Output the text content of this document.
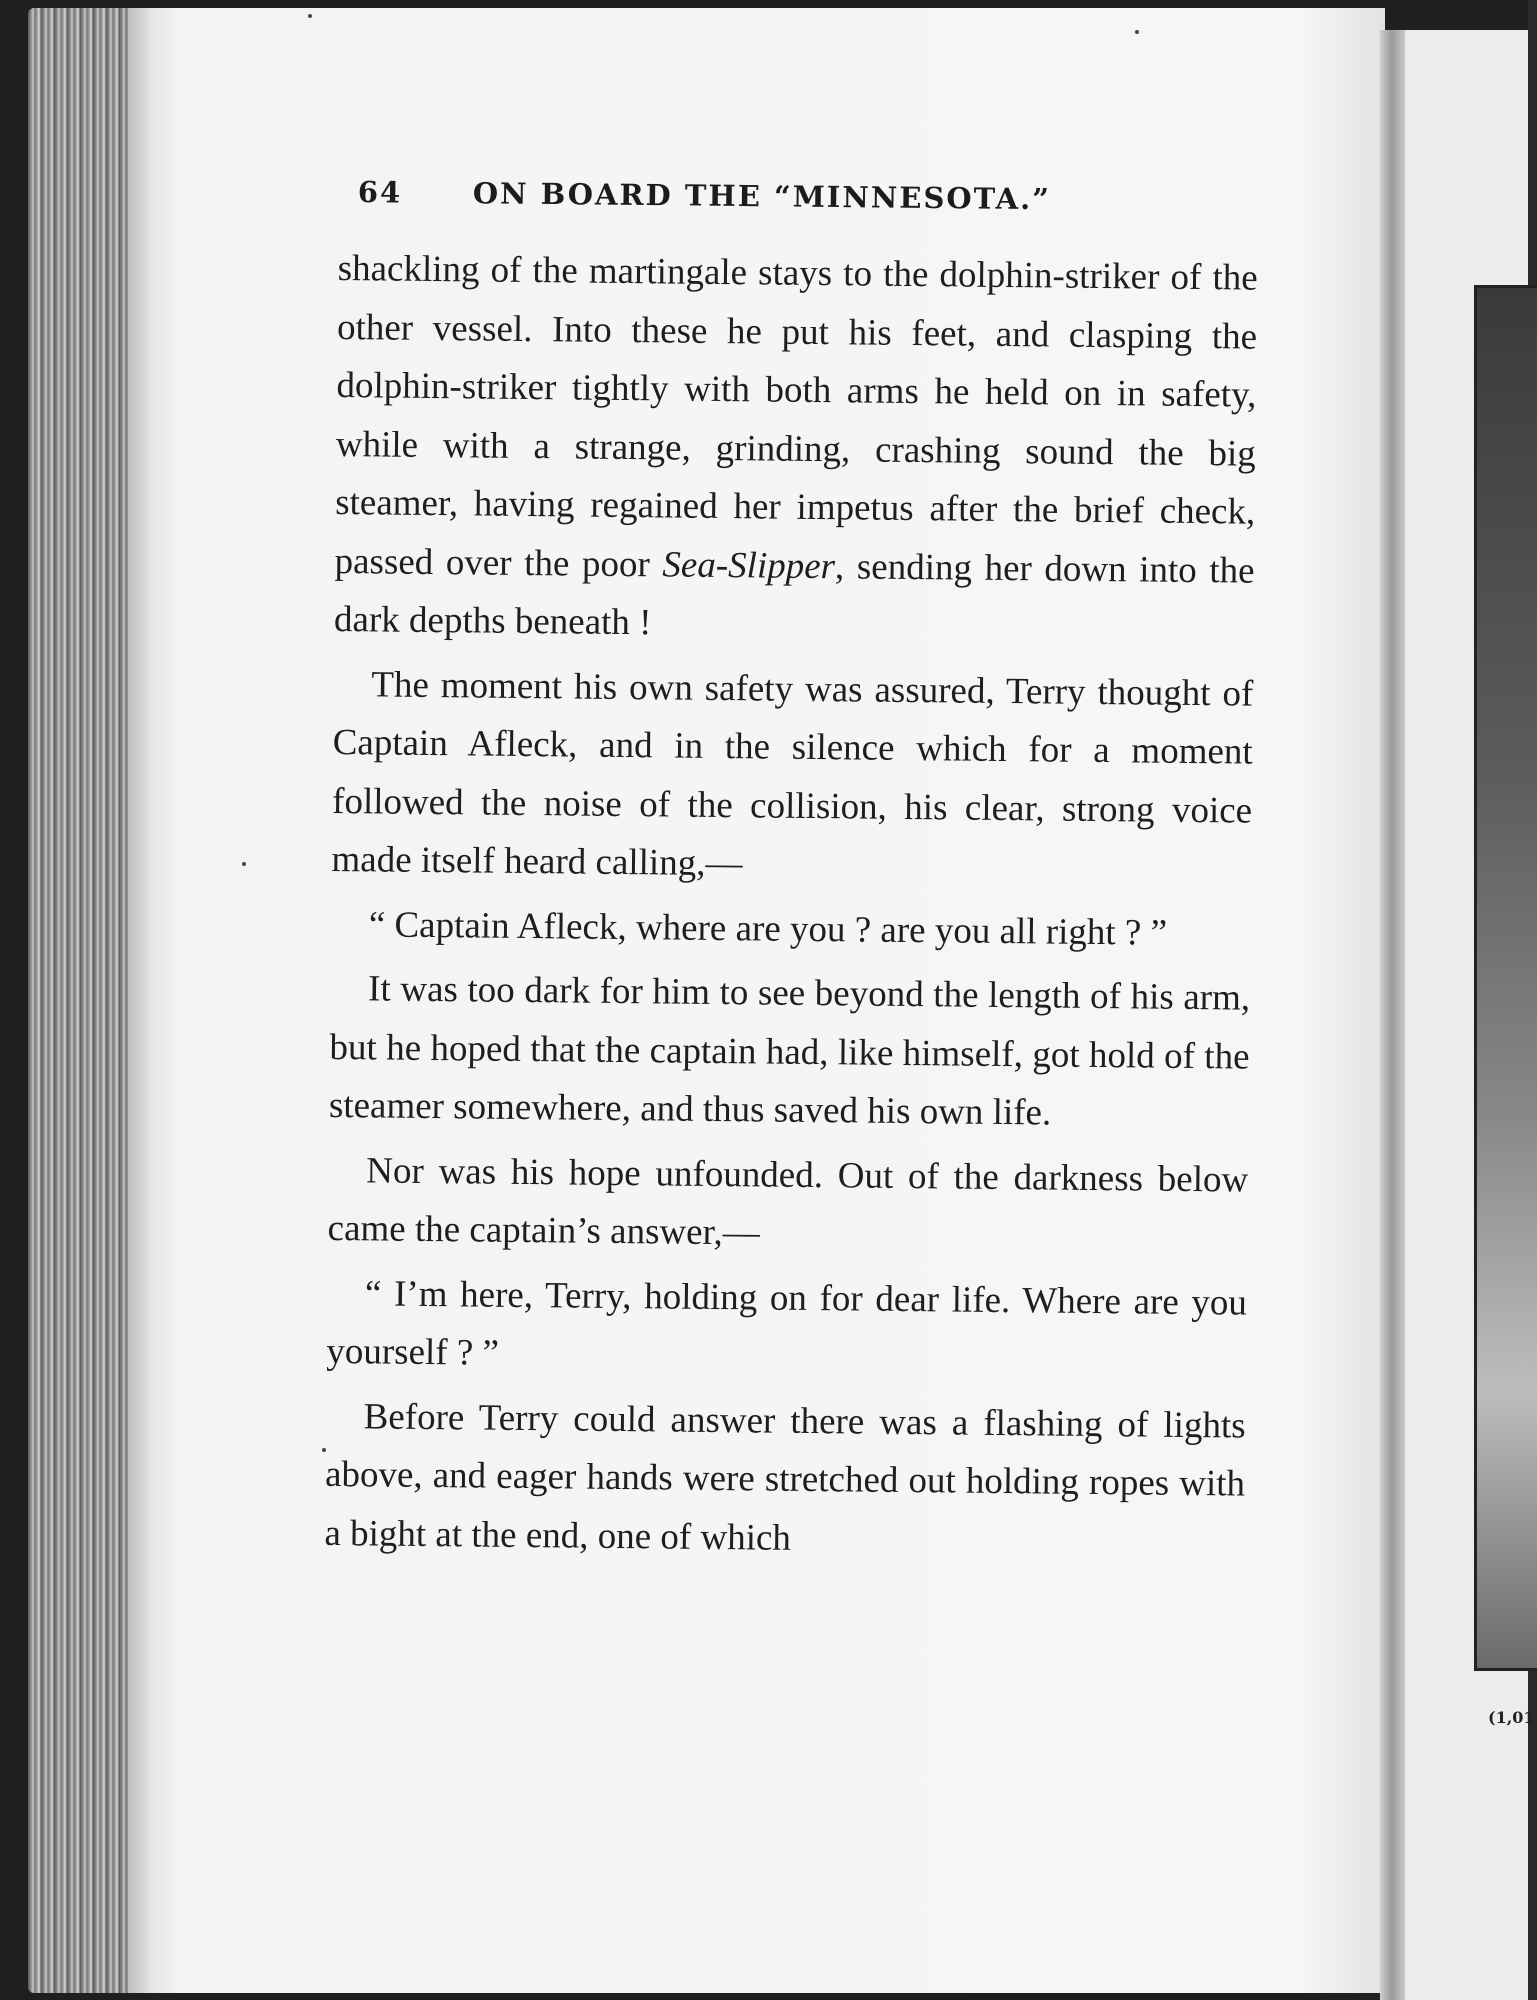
(1,01
64 ON BOARD THE “MINNESOTA.”

shackling of the martingale stays to the dolphin-striker of the other vessel. Into these he put his feet, and clasping the dolphin-striker tightly with both arms he held on in safety, while with a strange, grinding, crashing sound the big steamer, having regained her impetus after the brief check, passed over the poor Sea-Slipper, sending her down into the dark depths beneath !

The moment his own safety was assured, Terry thought of Captain Afleck, and in the silence which for a moment followed the noise of the collision, his clear, strong voice made itself heard calling,—

“ Captain Afleck, where are you ? are you all right ? ”

It was too dark for him to see beyond the length of his arm, but he hoped that the captain had, like himself, got hold of the steamer somewhere, and thus saved his own life.

Nor was his hope unfounded. Out of the darkness below came the captain’s answer,—

“ I’m here, Terry, holding on for dear life. Where are you yourself ? ”

Before Terry could answer there was a flashing of lights above, and eager hands were stretched out holding ropes with a bight at the end, one of which
